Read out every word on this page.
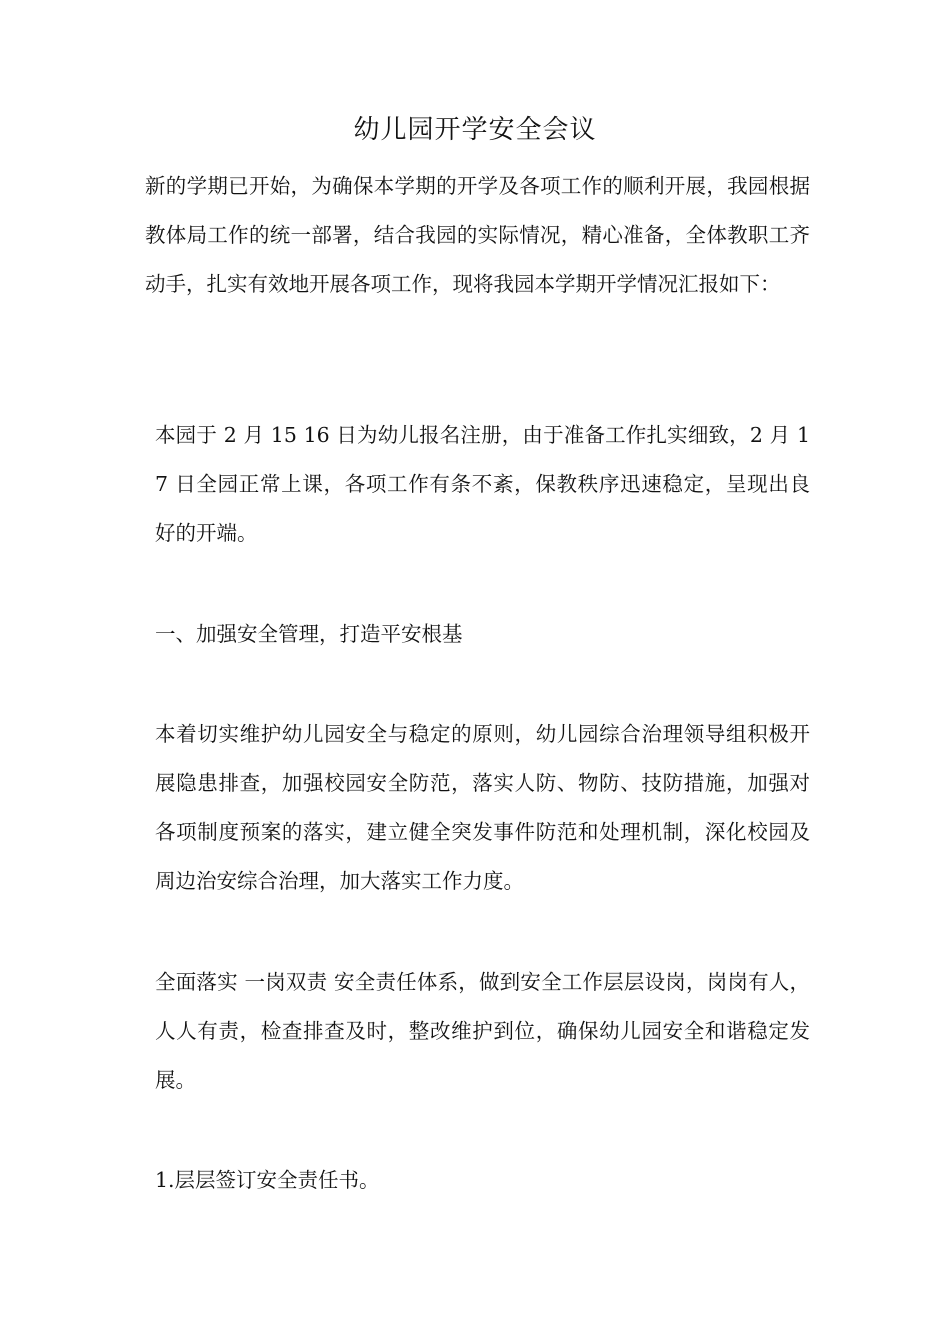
幼儿园开学安全会议

新的学期已开始，为确保本学期的开学及各项工作的顺利开展，我园根据教体局工作的统一部署，结合我园的实际情况，精心准备，全体教职工齐动手，扎实有效地开展各项工作，现将我园本学期开学情况汇报如下：

本园于 2 月 15 16 日为幼儿报名注册，由于准备工作扎实细致，2 月 17 日全园正常上课，各项工作有条不紊，保教秩序迅速稳定，呈现出良好的开端。

一、加强安全管理，打造平安根基

本着切实维护幼儿园安全与稳定的原则，幼儿园综合治理领导组积极开展隐患排查，加强校园安全防范，落实人防、物防、技防措施，加强对各项制度预案的落实，建立健全突发事件防范和处理机制，深化校园及周边治安综合治理，加大落实工作力度。

全面落实 一岗双责 安全责任体系，做到安全工作层层设岗，岗岗有人，人人有责，检查排查及时，整改维护到位，确保幼儿园安全和谐稳定发展。

1.层层签订安全责任书。
